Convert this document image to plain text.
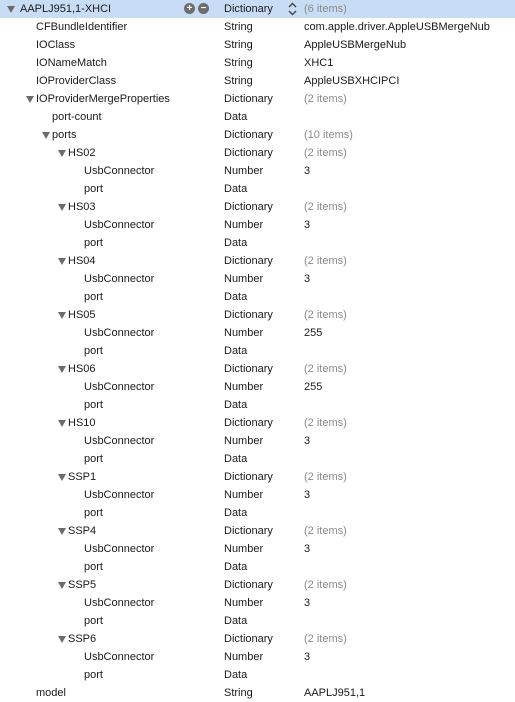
AAPLJ951,1-XHCI	+ − Dictionary	(6 items)
CFBundleIdentifier	String	com.apple.driver.AppleUSBMergeNub
IOClass	String	AppleUSBMergeNub
IONameMatch	String	XHC1
IOProviderClass	String	AppleUSBXHCIPCI
IOProviderMergeProperties	Dictionary	(2 items)
port-count	Data
ports	Dictionary	(10 items)
HS02	Dictionary	(2 items)
UsbConnector	Number	3
port	Data
HS03	Dictionary	(2 items)
UsbConnector	Number	3
port	Data
HS04	Dictionary	(2 items)
UsbConnector	Number	3
port	Data
HS05	Dictionary	(2 items)
UsbConnector	Number	255
port	Data
HS06	Dictionary	(2 items)
UsbConnector	Number	255
port	Data
HS10	Dictionary	(2 items)
UsbConnector	Number	3
port	Data
SSP1	Dictionary	(2 items)
UsbConnector	Number	3
port	Data
SSP4	Dictionary	(2 items)
UsbConnector	Number	3
port	Data
SSP5	Dictionary	(2 items)
UsbConnector	Number	3
port	Data
SSP6	Dictionary	(2 items)
UsbConnector	Number	3
port	Data
model	String	AAPLJ951,1
